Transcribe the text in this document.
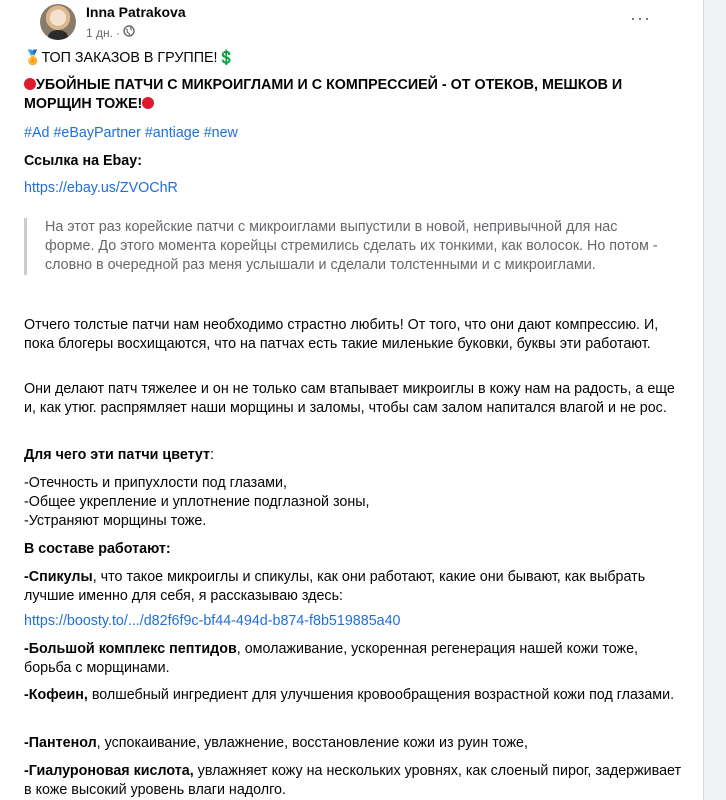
Inna Patrakova
1 дн. ·
···
🏅ТОП ЗАКАЗОВ В ГРУППЕ!💲
УБОЙНЫЕ ПАТЧИ С МИКРОИГЛАМИ И С КОМПРЕССИЕЙ - ОТ ОТЕКОВ, МЕШКОВ И МОРЩИН ТОЖЕ!
#Ad #eBayPartner #antiage #new
Ссылка на Ebay:
https://ebay.us/ZVOChR
На этот раз корейские патчи с микроиглами выпустили в новой, непривычной для нас форме. До этого момента корейцы стремились сделать их тонкими, как волосок. Но потом - словно в очередной раз меня услышали и сделали толстенными и с микроиглами.
Отчего толстые патчи нам необходимо страстно любить! От того, что они дают компрессию. И, пока блогеры восхищаются, что на патчах есть такие миленькие буковки, буквы эти работают.
Они делают патч тяжелее и он не только сам втапывает микроиглы в кожу нам на радость, а еще и, как утюг. распрямляет наши морщины и заломы, чтобы сам залом напитался влагой и не рос.
Для чего эти патчи цветут:
-Отечность и припухлости под глазами,
-Общее укрепление и уплотнение подглазной зоны,
-Устраняют морщины тоже.
В составе работают:
-Спикулы, что такое микроиглы и спикулы, как они работают, какие они бывают, как выбрать лучшие именно для себя, я рассказываю здесь:
https://boosty.to/.../d82f6f9c-bf44-494d-b874-f8b519885a40
-Большой комплекс пептидов, омолаживание, ускоренная регенерация нашей кожи тоже, борьба с морщинами.
-Кофеин, волшебный ингредиент для улучшения кровообращения возрастной кожи под глазами.
-Пантенол, успокаивание, увлажнение, восстановление кожи из руин тоже,
-Гиалуроновая кислота, увлажняет кожу на нескольких уровнях, как слоеный пирог, задерживает в коже высокий уровень влаги надолго.
